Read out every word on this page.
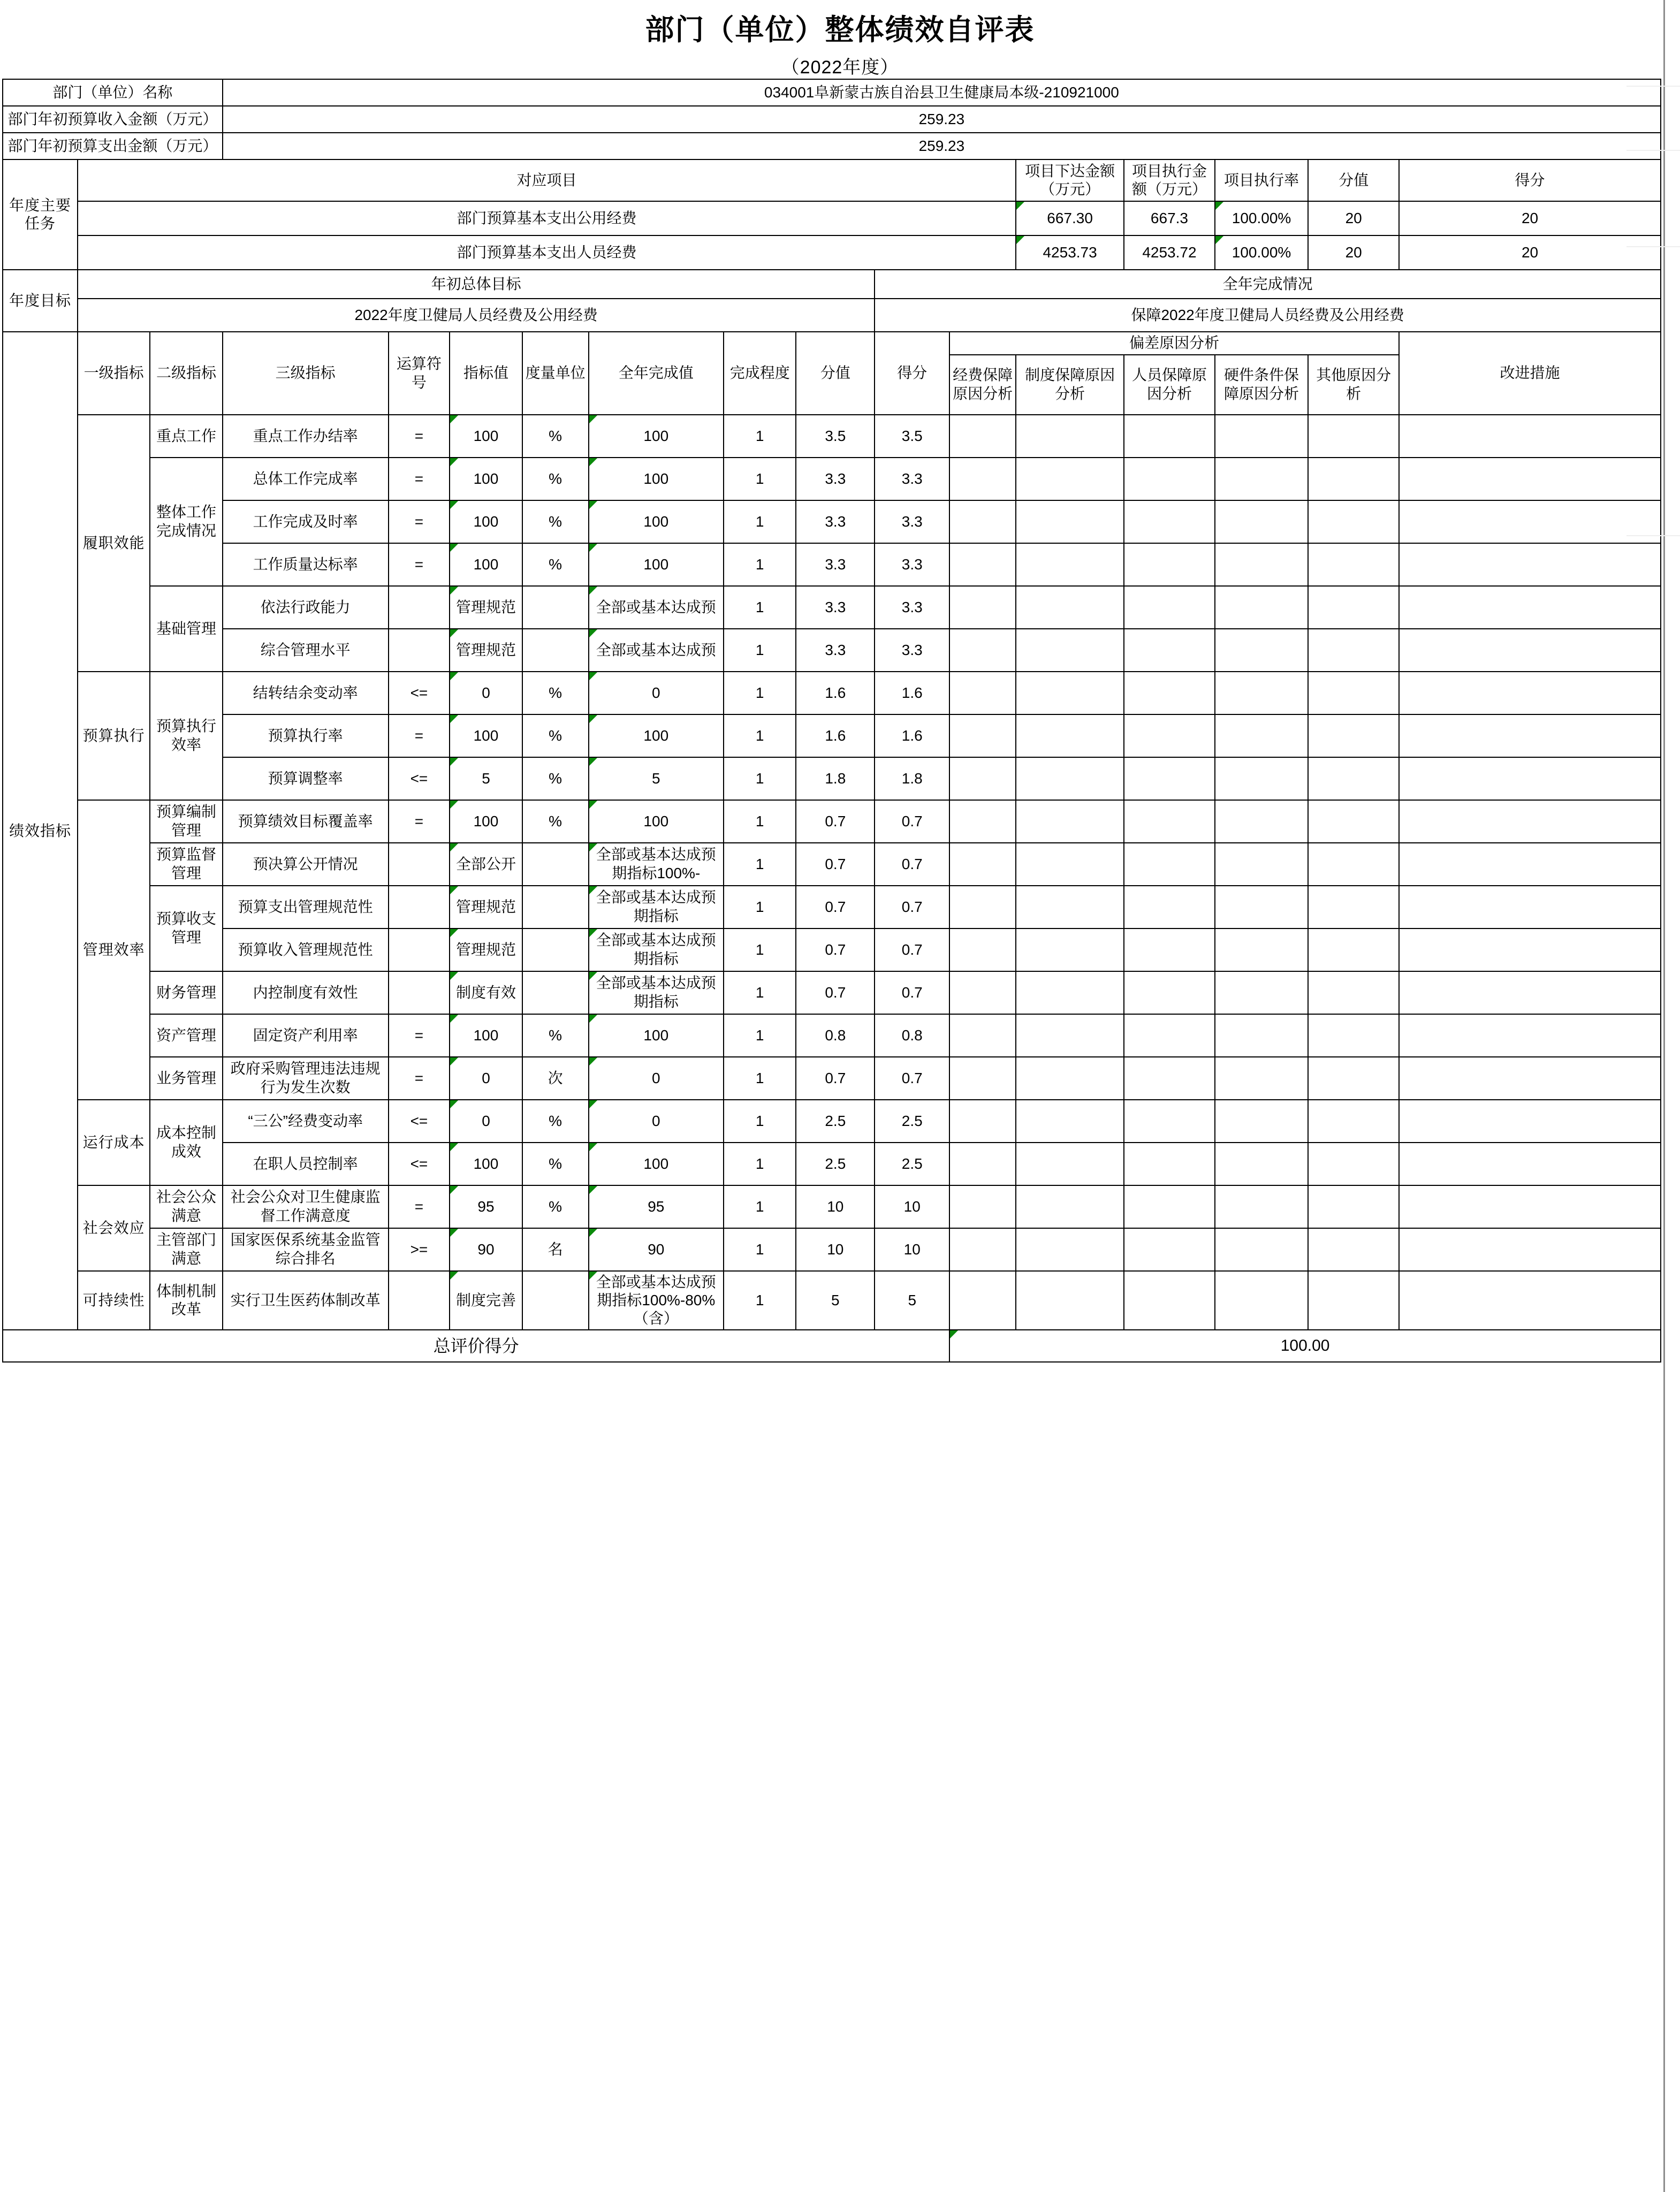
部门（单位）整体绩效自评表
（2022年度）
部门（单位）名称			034001阜新蒙古族自治县卫生健康局本级-210921000													
部门年初预算收入金额（万元）			259.23													
部门年初预算支出金额（万元）			259.23													
年度主要任务	对应项目											项目下达金额（万元）	项目执行金额（万元）	项目执行率	分值	得分
	部门预算基本支出公用经费											667.30	667.3	100.00%	20	20
	部门预算基本支出人员经费											4253.73	4253.72	100.00%	20	20
年度目标	年初总体目标									全年完成情况						
	2022年度卫健局人员经费及公用经费									保障2022年度卫健局人员经费及公用经费						
绩效指标	一级指标	二级指标	三级指标	运算符号	指标值	度量单位	全年完成值	完成程度	分值	得分	偏差原因分析					改进措施
											经费保障原因分析	制度保障原因分析	人员保障原因分析	硬件条件保障原因分析	其他原因分析	
	履职效能	重点工作	重点工作办结率	=	100	%	100	1	3.5	3.5						
		整体工作完成情况	总体工作完成率	=	100	%	100	1	3.3	3.3						
			工作完成及时率	=	100	%	100	1	3.3	3.3						
			工作质量达标率	=	100	%	100	1	3.3	3.3						
		基础管理	依法行政能力		管理规范		全部或基本达成预	1	3.3	3.3						
			综合管理水平		管理规范		全部或基本达成预	1	3.3	3.3						
	预算执行	预算执行效率	结转结余变动率	<=	0	%	0	1	1.6	1.6						
			预算执行率	=	100	%	100	1	1.6	1.6						
			预算调整率	<=	5	%	5	1	1.8	1.8						
	管理效率	预算编制管理	预算绩效目标覆盖率	=	100	%	100	1	0.7	0.7						
		预算监督管理	预决算公开情况		全部公开		全部或基本达成预期指标100%-	1	0.7	0.7						
		预算收支管理	预算支出管理规范性		管理规范		全部或基本达成预期指标	1	0.7	0.7						
			预算收入管理规范性		管理规范		全部或基本达成预期指标	1	0.7	0.7						
		财务管理	内控制度有效性		制度有效		全部或基本达成预期指标	1	0.7	0.7						
		资产管理	固定资产利用率	=	100	%	100	1	0.8	0.8						
		业务管理	政府采购管理违法违规行为发生次数	=	0	次	0	1	0.7	0.7						
	运行成本	成本控制成效	“三公”经费变动率	<=	0	%	0	1	2.5	2.5						
			在职人员控制率	<=	100	%	100	1	2.5	2.5						
	社会效应	社会公众满意	社会公众对卫生健康监督工作满意度	=	95	%	95	1	10	10						
		主管部门满意	国家医保系统基金监管综合排名	>=	90	名	90	1	10	10						
	可持续性	体制机制改革	实行卫生医药体制改革		制度完善		全部或基本达成预期指标100%-80%（含）	1	5	5						
总评价得分											100.00					
